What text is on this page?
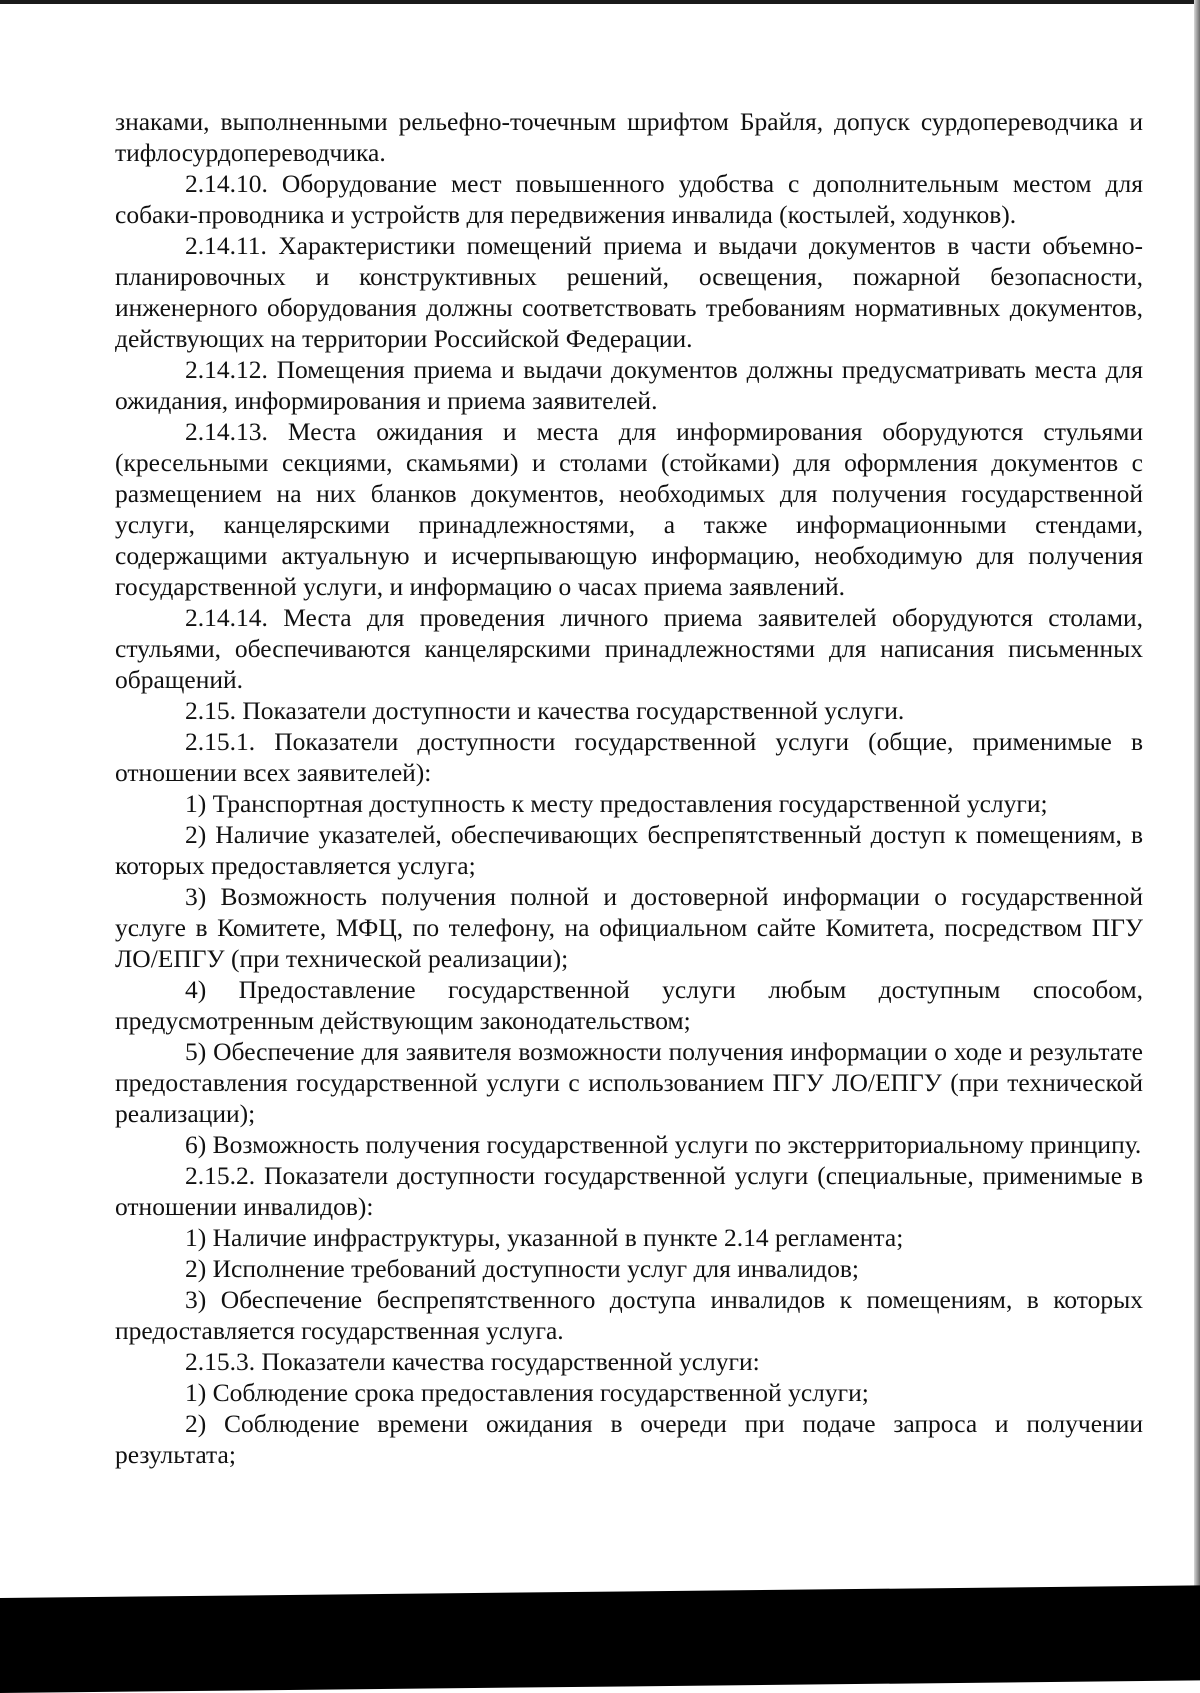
знаками, выполненными рельефно-точечным шрифтом Брайля, допуск сурдопереводчика и тифлосурдопереводчика.

2.14.10. Оборудование мест повышенного удобства с дополнительным местом для собаки-проводника и устройств для передвижения инвалида (костылей, ходунков).

2.14.11. Характеристики помещений приема и выдачи документов в части объемно-планировочных и конструктивных решений, освещения, пожарной безопасности, инженерного оборудования должны соответствовать требованиям нормативных документов, действующих на территории Российской Федерации.

2.14.12. Помещения приема и выдачи документов должны предусматривать места для ожидания, информирования и приема заявителей.

2.14.13. Места ожидания и места для информирования оборудуются стульями (кресельными секциями, скамьями) и столами (стойками) для оформления документов с размещением на них бланков документов, необходимых для получения государственной услуги, канцелярскими принадлежностями, а также информационными стендами, содержащими актуальную и исчерпывающую информацию, необходимую для получения государственной услуги, и информацию о часах приема заявлений.

2.14.14. Места для проведения личного приема заявителей оборудуются столами, стульями, обеспечиваются канцелярскими принадлежностями для написания письменных обращений.

2.15. Показатели доступности и качества государственной услуги.

2.15.1. Показатели доступности государственной услуги (общие, применимые в отношении всех заявителей):

1) Транспортная доступность к месту предоставления государственной услуги;

2) Наличие указателей, обеспечивающих беспрепятственный доступ к помещениям, в которых предоставляется услуга;

3) Возможность получения полной и достоверной информации о государственной услуге в Комитете, МФЦ, по телефону, на официальном сайте Комитета, посредством ПГУ ЛО/ЕПГУ (при технической реализации);

4) Предоставление государственной услуги любым доступным способом, предусмотренным действующим законодательством;

5) Обеспечение для заявителя возможности получения информации о ходе и результате предоставления государственной услуги с использованием ПГУ ЛО/ЕПГУ (при технической реализации);

6) Возможность получения государственной услуги по экстерриториальному принципу.

2.15.2. Показатели доступности государственной услуги (специальные, применимые в отношении инвалидов):

1) Наличие инфраструктуры, указанной в пункте 2.14 регламента;

2) Исполнение требований доступности услуг для инвалидов;

3) Обеспечение беспрепятственного доступа инвалидов к помещениям, в которых предоставляется государственная услуга.

2.15.3. Показатели качества государственной услуги:

1) Соблюдение срока предоставления государственной услуги;

2) Соблюдение времени ожидания в очереди при подаче запроса и получении результата;
